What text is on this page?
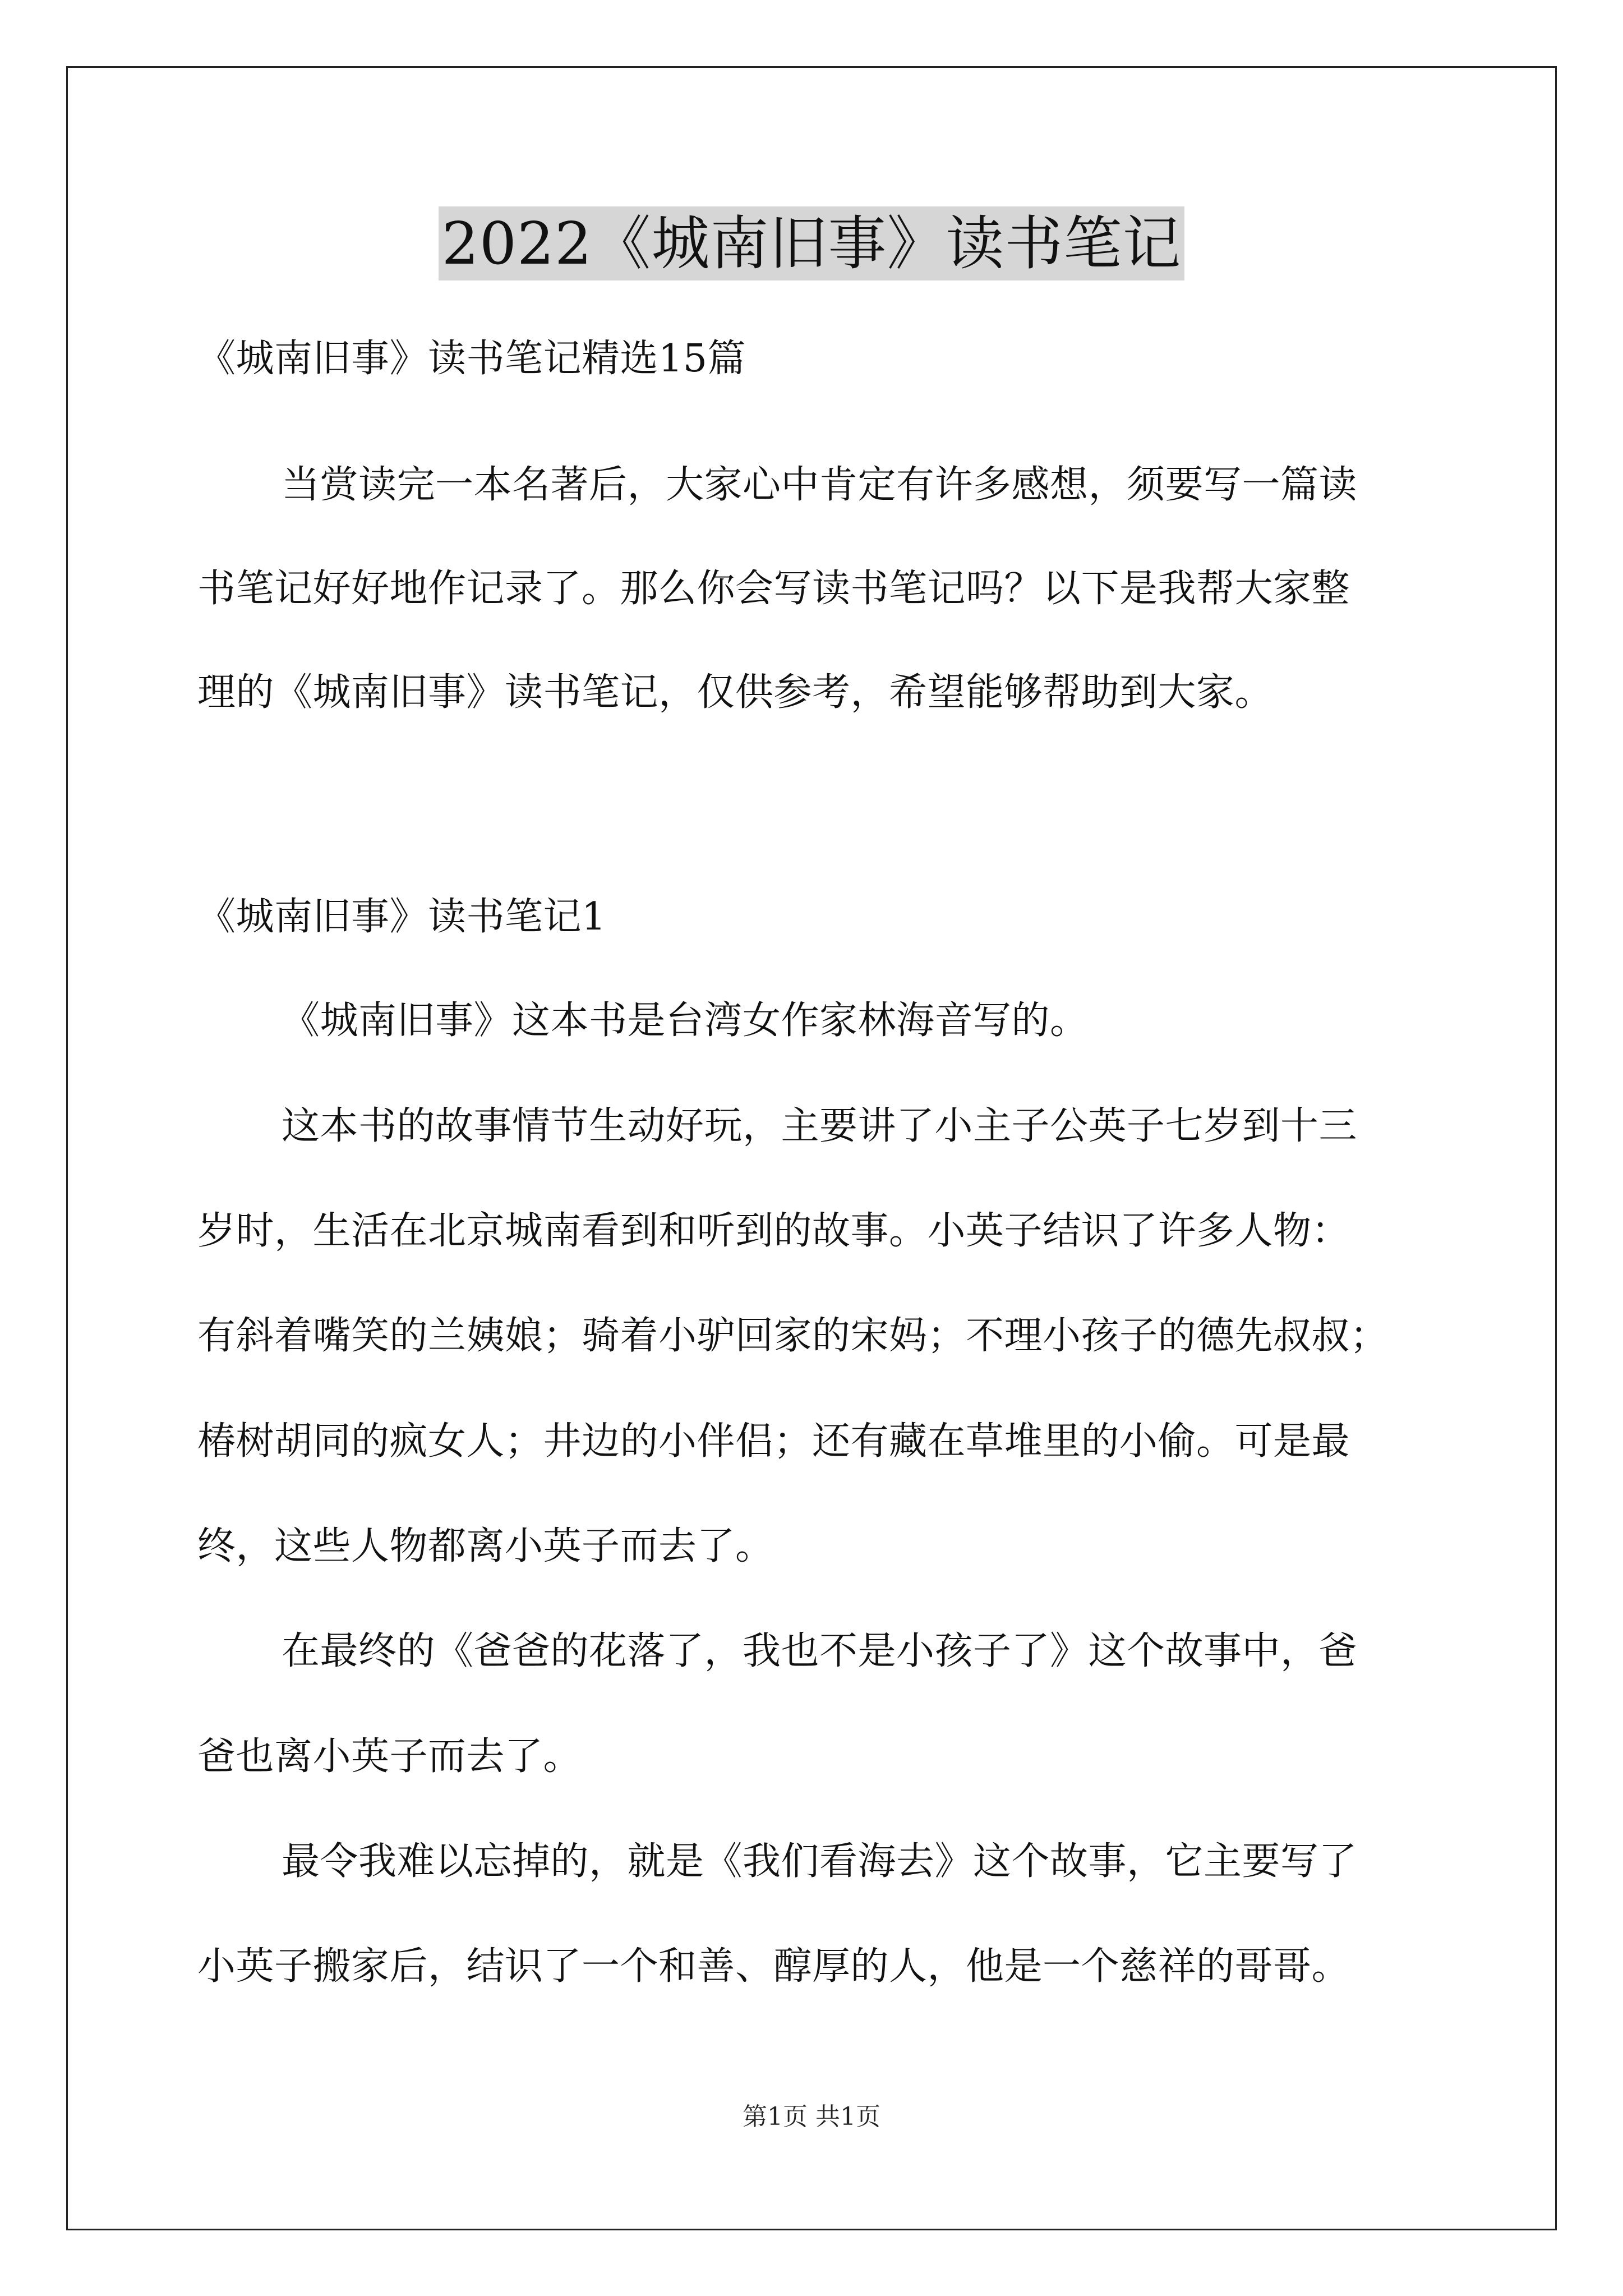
2022《城南旧事》读书笔记
《城南旧事》读书笔记精选15篇
当赏读完一本名著后，大家心中肯定有许多感想，须要写一篇读
书笔记好好地作记录了。那么你会写读书笔记吗？以下是我帮大家整
理的《城南旧事》读书笔记，仅供参考，希望能够帮助到大家。
《城南旧事》读书笔记1
《城南旧事》这本书是台湾女作家林海音写的。
这本书的故事情节生动好玩，主要讲了小主子公英子七岁到十三
岁时，生活在北京城南看到和听到的故事。小英子结识了许多人物：
有斜着嘴笑的兰姨娘；骑着小驴回家的宋妈；不理小孩子的德先叔叔；
椿树胡同的疯女人；井边的小伴侣；还有藏在草堆里的小偷。可是最
终，这些人物都离小英子而去了。
在最终的《爸爸的花落了，我也不是小孩子了》这个故事中，爸
爸也离小英子而去了。
最令我难以忘掉的，就是《我们看海去》这个故事，它主要写了
小英子搬家后，结识了一个和善、醇厚的人，他是一个慈祥的哥哥。
第1页 共1页
